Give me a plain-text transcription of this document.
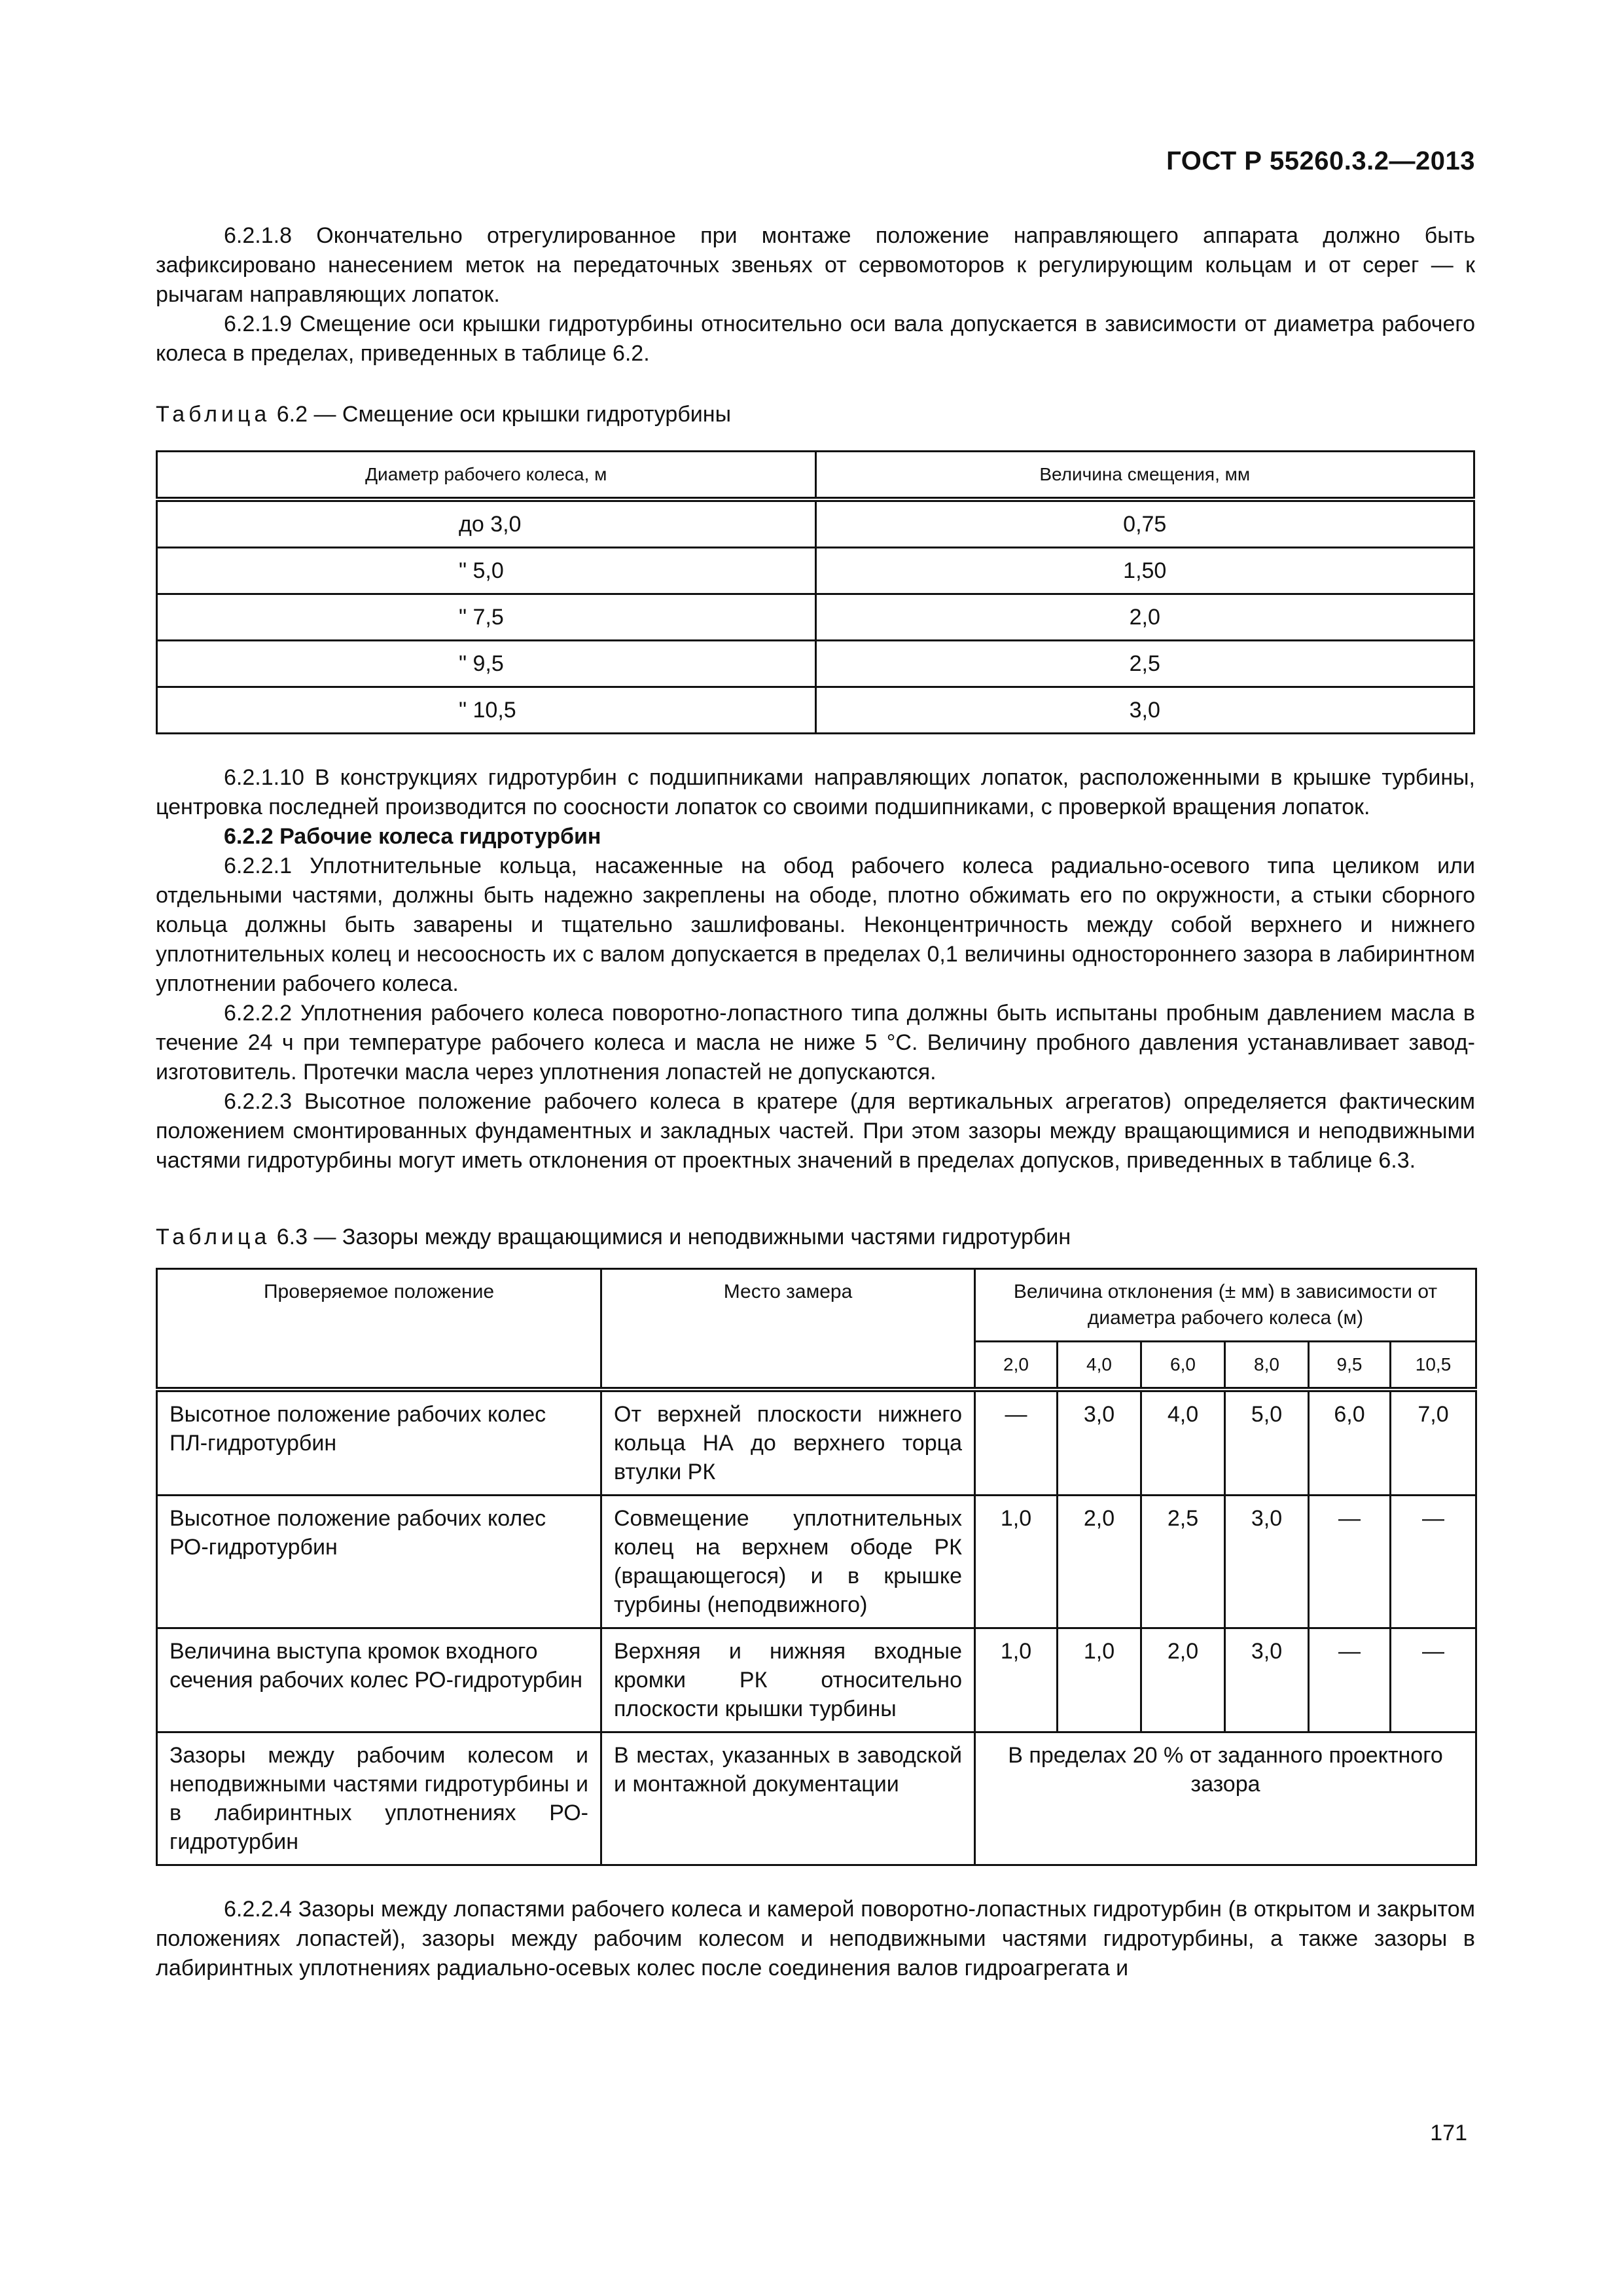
ГОСТ Р 55260.3.2—2013

6.2.1.8 Окончательно отрегулированное при монтаже положение направляющего аппарата должно быть зафиксировано нанесением меток на передаточных звеньях от сервомоторов к регулирующим кольцам и от серег — к рычагам направляющих лопаток.

6.2.1.9 Смещение оси крышки гидротурбины относительно оси вала допускается в зависимости от диаметра рабочего колеса в пределах, приведенных в таблице 6.2.

Таблица 6.2 — Смещение оси крышки гидротурбины

Диаметр рабочего колеса, м	Величина смещения, мм
до 3,0	0,75
" 5,0	1,50
" 7,5	2,0
" 9,5	2,5
" 10,5	3,0

6.2.1.10 В конструкциях гидротурбин с подшипниками направляющих лопаток, расположенными в крышке турбины, центровка последней производится по соосности лопаток со своими подшипниками, с проверкой вращения лопаток.

6.2.2 Рабочие колеса гидротурбин

6.2.2.1 Уплотнительные кольца, насаженные на обод рабочего колеса радиально-осевого типа целиком или отдельными частями, должны быть надежно закреплены на ободе, плотно обжимать его по окружности, а стыки сборного кольца должны быть заварены и тщательно зашлифованы. Неконцентричность между собой верхнего и нижнего уплотнительных колец и несоосность их с валом допускается в пределах 0,1 величины одностороннего зазора в лабиринтном уплотнении рабочего колеса.

6.2.2.2 Уплотнения рабочего колеса поворотно-лопастного типа должны быть испытаны пробным давлением масла в течение 24 ч при температуре рабочего колеса и масла не ниже 5 °С. Величину пробного давления устанавливает завод-изготовитель. Протечки масла через уплотнения лопастей не допускаются.

6.2.2.3 Высотное положение рабочего колеса в кратере (для вертикальных агрегатов) определяется фактическим положением смонтированных фундаментных и закладных частей. При этом зазоры между вращающимися и неподвижными частями гидротурбины могут иметь отклонения от проектных значений в пределах допусков, приведенных в таблице 6.3.

Таблица 6.3 — Зазоры между вращающимися и неподвижными частями гидротурбин

Проверяемое положение	Место замера	Величина отклонения (± мм) в зависимости от диаметра рабочего колеса (м)					
		2,0	4,0	6,0	8,0	9,5	10,5
Высотное положение рабочих колес ПЛ-гидротурбин	От верхней плоскости нижнего кольца НА до верхнего торца втулки РК	—	3,0	4,0	5,0	6,0	7,0
Высотное положение рабочих колес РО-гидротурбин	Совмещение уплотнительных колец на верхнем ободе РК (вращающегося) и в крышке турбины (неподвижного)	1,0	2,0	2,5	3,0	—	—
Величина выступа кромок входного сечения рабочих колес РО-гидротурбин	Верхняя и нижняя входные кромки РК относительно плоскости крышки турбины	1,0	1,0	2,0	3,0	—	—
Зазоры между рабочим колесом и неподвижными частями гидротурбины и в лабиринтных уплотнениях РО-гидротурбин	В местах, указанных в заводской и монтажной документации	В пределах 20 % от заданного проектного зазора					

6.2.2.4 Зазоры между лопастями рабочего колеса и камерой поворотно-лопастных гидротурбин (в открытом и закрытом положениях лопастей), зазоры между рабочим колесом и неподвижными частями гидротурбины, а также зазоры в лабиринтных уплотнениях радиально-осевых колес после соединения валов гидроагрегата и

171
